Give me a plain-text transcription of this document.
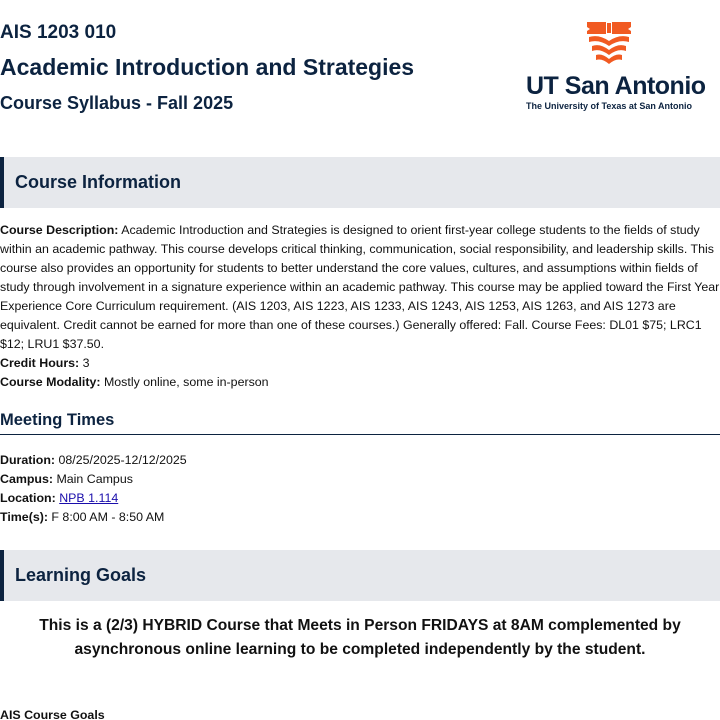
AIS 1203 010
Academic Introduction and Strategies
Course Syllabus - Fall 2025
UT San Antonio
The University of Texas at San Antonio
Course Information
Course Description: Academic Introduction and Strategies is designed to orient first-year college students to the fields of study within an academic pathway. This course develops critical thinking, communication, social responsibility, and leadership skills. This course also provides an opportunity for students to better understand the core values, cultures, and assumptions within fields of study through involvement in a signature experience within an academic pathway. This course may be applied toward the First Year Experience Core Curriculum requirement. (AIS 1203, AIS 1223, AIS 1233, AIS 1243, AIS 1253, AIS 1263, and AIS 1273 are equivalent. Credit cannot be earned for more than one of these courses.) Generally offered: Fall. Course Fees: DL01 $75; LRC1 $12; LRU1 $37.50.
Credit Hours: 3
Course Modality: Mostly online, some in-person
Meeting Times
Duration: 08/25/2025-12/12/2025
Campus: Main Campus
Location: NPB 1.114
Time(s): F 8:00 AM - 8:50 AM
Learning Goals
This is a (2/3) HYBRID Course that Meets in Person FRIDAYS at 8AM complemented by asynchronous online learning to be completed independently by the student.
AIS Course Goals
